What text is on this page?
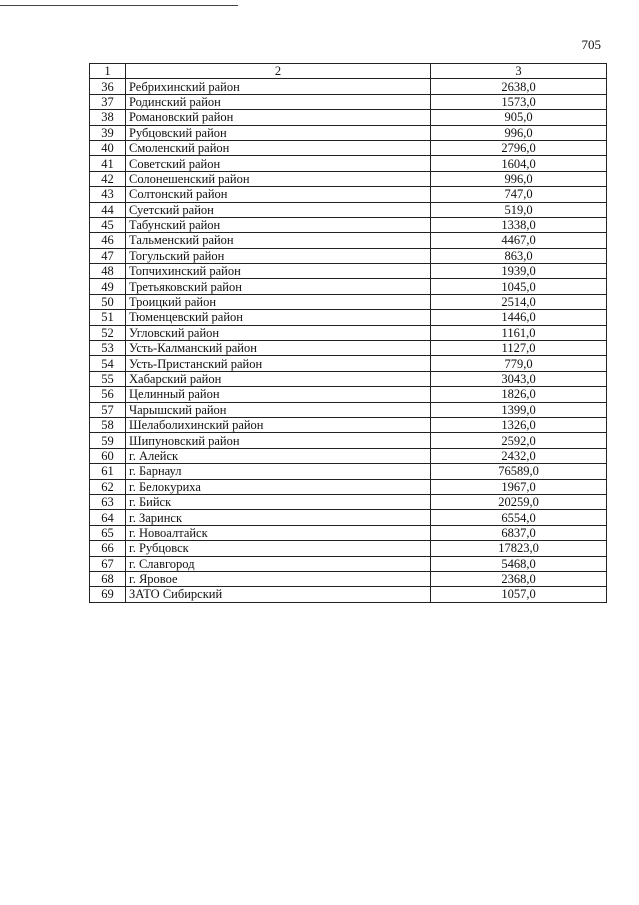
705
1	2	3
36	Ребрихинский район	2638,0
37	Родинский район	1573,0
38	Романовский район	905,0
39	Рубцовский район	996,0
40	Смоленский район	2796,0
41	Советский район	1604,0
42	Солонешенский район	996,0
43	Солтонский район	747,0
44	Суетский район	519,0
45	Табунский район	1338,0
46	Тальменский район	4467,0
47	Тогульский район	863,0
48	Топчихинский район	1939,0
49	Третьяковский район	1045,0
50	Троицкий район	2514,0
51	Тюменцевский район	1446,0
52	Угловский район	1161,0
53	Усть-Калманский район	1127,0
54	Усть-Пристанский район	779,0
55	Хабарский район	3043,0
56	Целинный район	1826,0
57	Чарышский район	1399,0
58	Шелаболихинский район	1326,0
59	Шипуновский район	2592,0
60	г. Алейск	2432,0
61	г. Барнаул	76589,0
62	г. Белокуриха	1967,0
63	г. Бийск	20259,0
64	г. Заринск	6554,0
65	г. Новоалтайск	6837,0
66	г. Рубцовск	17823,0
67	г. Славгород	5468,0
68	г. Яровое	2368,0
69	ЗАТО Сибирский	1057,0
